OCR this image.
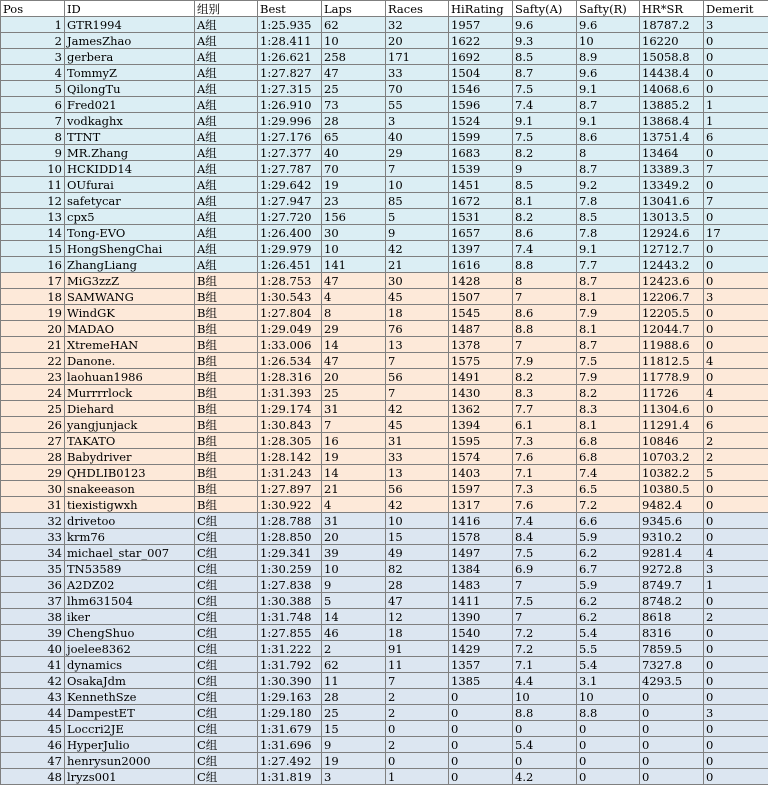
Pos	ID	组别	Best	Laps	Races	HiRating	Safty(A)	Safty(R)	HR*SR	Demerit
1	GTR1994	A组	1:25.935	62	32	1957	9.6	9.6	18787.2	3
2	JamesZhao	A组	1:28.411	10	20	1622	9.3	10	16220	0
3	gerbera	A组	1:26.621	258	171	1692	8.5	8.9	15058.8	0
4	TommyZ	A组	1:27.827	47	33	1504	8.7	9.6	14438.4	0
5	QilongTu	A组	1:27.315	25	70	1546	7.5	9.1	14068.6	0
6	Fred021	A组	1:26.910	73	55	1596	7.4	8.7	13885.2	1
7	vodkaghx	A组	1:29.996	28	3	1524	9.1	9.1	13868.4	1
8	TTNT	A组	1:27.176	65	40	1599	7.5	8.6	13751.4	6
9	MR.Zhang	A组	1:27.377	40	29	1683	8.2	8	13464	0
10	HCKIDD14	A组	1:27.787	70	7	1539	9	8.7	13389.3	7
11	OUfurai	A组	1:29.642	19	10	1451	8.5	9.2	13349.2	0
12	safetycar	A组	1:27.947	23	85	1672	8.1	7.8	13041.6	7
13	cpx5	A组	1:27.720	156	5	1531	8.2	8.5	13013.5	0
14	Tong-EVO	A组	1:26.400	30	9	1657	8.6	7.8	12924.6	17
15	HongShengChai	A组	1:29.979	10	42	1397	7.4	9.1	12712.7	0
16	ZhangLiang	A组	1:26.451	141	21	1616	8.8	7.7	12443.2	0
17	MiG3zzZ	B组	1:28.753	47	30	1428	8	8.7	12423.6	0
18	SAMWANG	B组	1:30.543	4	45	1507	7	8.1	12206.7	3
19	WindGK	B组	1:27.804	8	18	1545	8.6	7.9	12205.5	0
20	MADAO	B组	1:29.049	29	76	1487	8.8	8.1	12044.7	0
21	XtremeHAN	B组	1:33.006	14	13	1378	7	8.7	11988.6	0
22	Danone.	B组	1:26.534	47	7	1575	7.9	7.5	11812.5	4
23	laohuan1986	B组	1:28.316	20	56	1491	8.2	7.9	11778.9	0
24	Murrrrlock	B组	1:31.393	25	7	1430	8.3	8.2	11726	4
25	Diehard	B组	1:29.174	31	42	1362	7.7	8.3	11304.6	0
26	yangjunjack	B组	1:30.843	7	45	1394	6.1	8.1	11291.4	6
27	TAKATO	B组	1:28.305	16	31	1595	7.3	6.8	10846	2
28	Babydriver	B组	1:28.142	19	33	1574	7.6	6.8	10703.2	2
29	QHDLIB0123	B组	1:31.243	14	13	1403	7.1	7.4	10382.2	5
30	snakeeason	B组	1:27.897	21	56	1597	7.3	6.5	10380.5	0
31	tiexistigwxh	B组	1:30.922	4	42	1317	7.6	7.2	9482.4	0
32	drivetoo	C组	1:28.788	31	10	1416	7.4	6.6	9345.6	0
33	krm76	C组	1:28.850	20	15	1578	8.4	5.9	9310.2	0
34	michael_star_007	C组	1:29.341	39	49	1497	7.5	6.2	9281.4	4
35	TN53589	C组	1:30.259	10	82	1384	6.9	6.7	9272.8	3
36	A2DZ02	C组	1:27.838	9	28	1483	7	5.9	8749.7	1
37	lhm631504	C组	1:30.388	5	47	1411	7.5	6.2	8748.2	0
38	iker	C组	1:31.748	14	12	1390	7	6.2	8618	2
39	ChengShuo	C组	1:27.855	46	18	1540	7.2	5.4	8316	0
40	joelee8362	C组	1:31.222	2	91	1429	7.2	5.5	7859.5	0
41	dynamics	C组	1:31.792	62	11	1357	7.1	5.4	7327.8	0
42	OsakaJdm	C组	1:30.390	11	7	1385	4.4	3.1	4293.5	0
43	KennethSze	C组	1:29.163	28	2	0	10	10	0	0
44	DampestET	C组	1:29.180	25	2	0	8.8	8.8	0	3
45	Loccri2JE	C组	1:31.679	15	0	0	0	0	0	0
46	HyperJulio	C组	1:31.696	9	2	0	5.4	0	0	0
47	henrysun2000	C组	1:27.492	19	0	0	0	0	0	0
48	lryzs001	C组	1:31.819	3	1	0	4.2	0	0	0
